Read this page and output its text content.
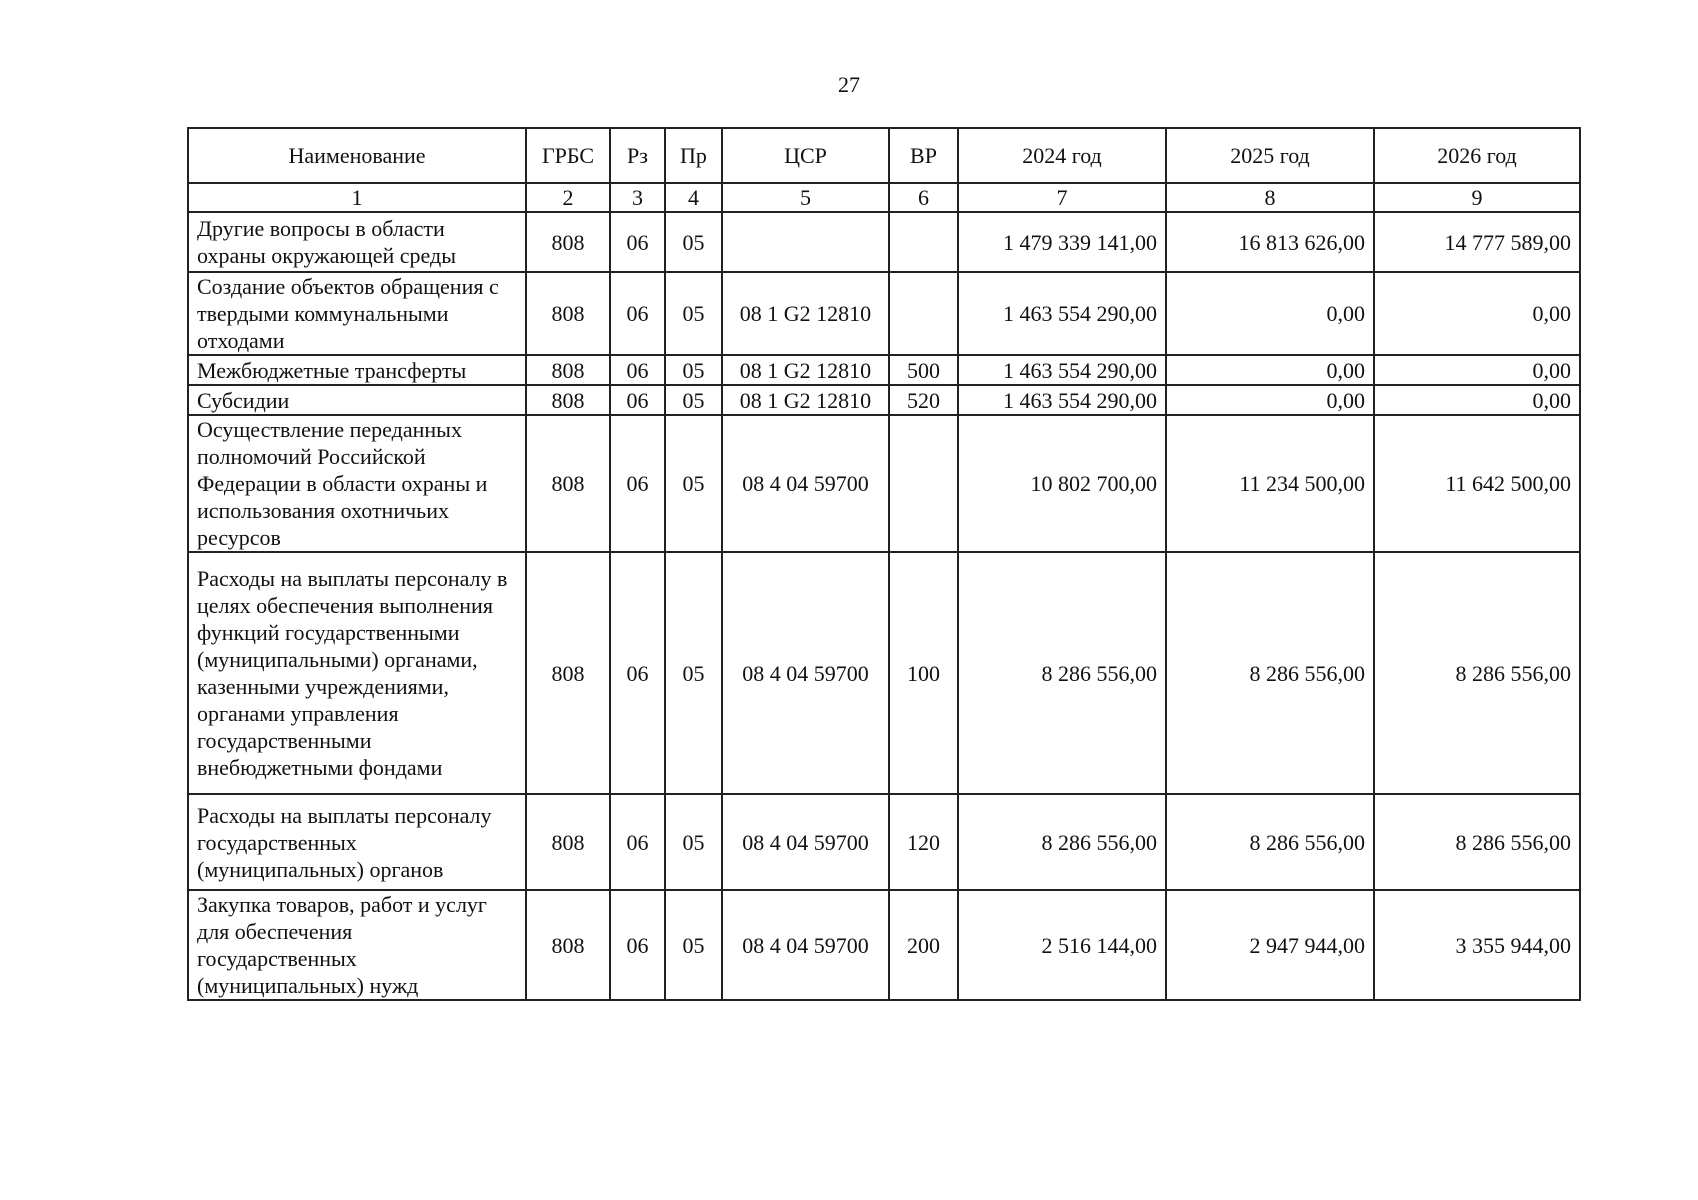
27
Наименование	ГРБС	Рз	Пр	ЦСР	ВР	2024 год	2025 год	2026 год
1	2	3	4	5	6	7	8	9
Другие вопросы в области охраны окружающей среды	808	06	05			1 479 339 141,00	16 813 626,00	14 777 589,00
Создание объектов обращения с твердыми коммунальными отходами	808	06	05	08 1 G2 12810		1 463 554 290,00	0,00	0,00
Межбюджетные трансферты	808	06	05	08 1 G2 12810	500	1 463 554 290,00	0,00	0,00
Субсидии	808	06	05	08 1 G2 12810	520	1 463 554 290,00	0,00	0,00
Осуществление переданных полномочий Российской Федерации в области охраны и использования охотничьих ресурсов	808	06	05	08 4 04 59700		10 802 700,00	11 234 500,00	11 642 500,00
Расходы на выплаты персоналу в целях обеспечения выполнения функций государственными (муниципальными) органами, казенными учреждениями, органами управления государственными внебюджетными фондами	808	06	05	08 4 04 59700	100	8 286 556,00	8 286 556,00	8 286 556,00
Расходы на выплаты персоналу государственных (муниципальных) органов	808	06	05	08 4 04 59700	120	8 286 556,00	8 286 556,00	8 286 556,00
Закупка товаров, работ и услуг для обеспечения государственных (муниципальных) нужд	808	06	05	08 4 04 59700	200	2 516 144,00	2 947 944,00	3 355 944,00
